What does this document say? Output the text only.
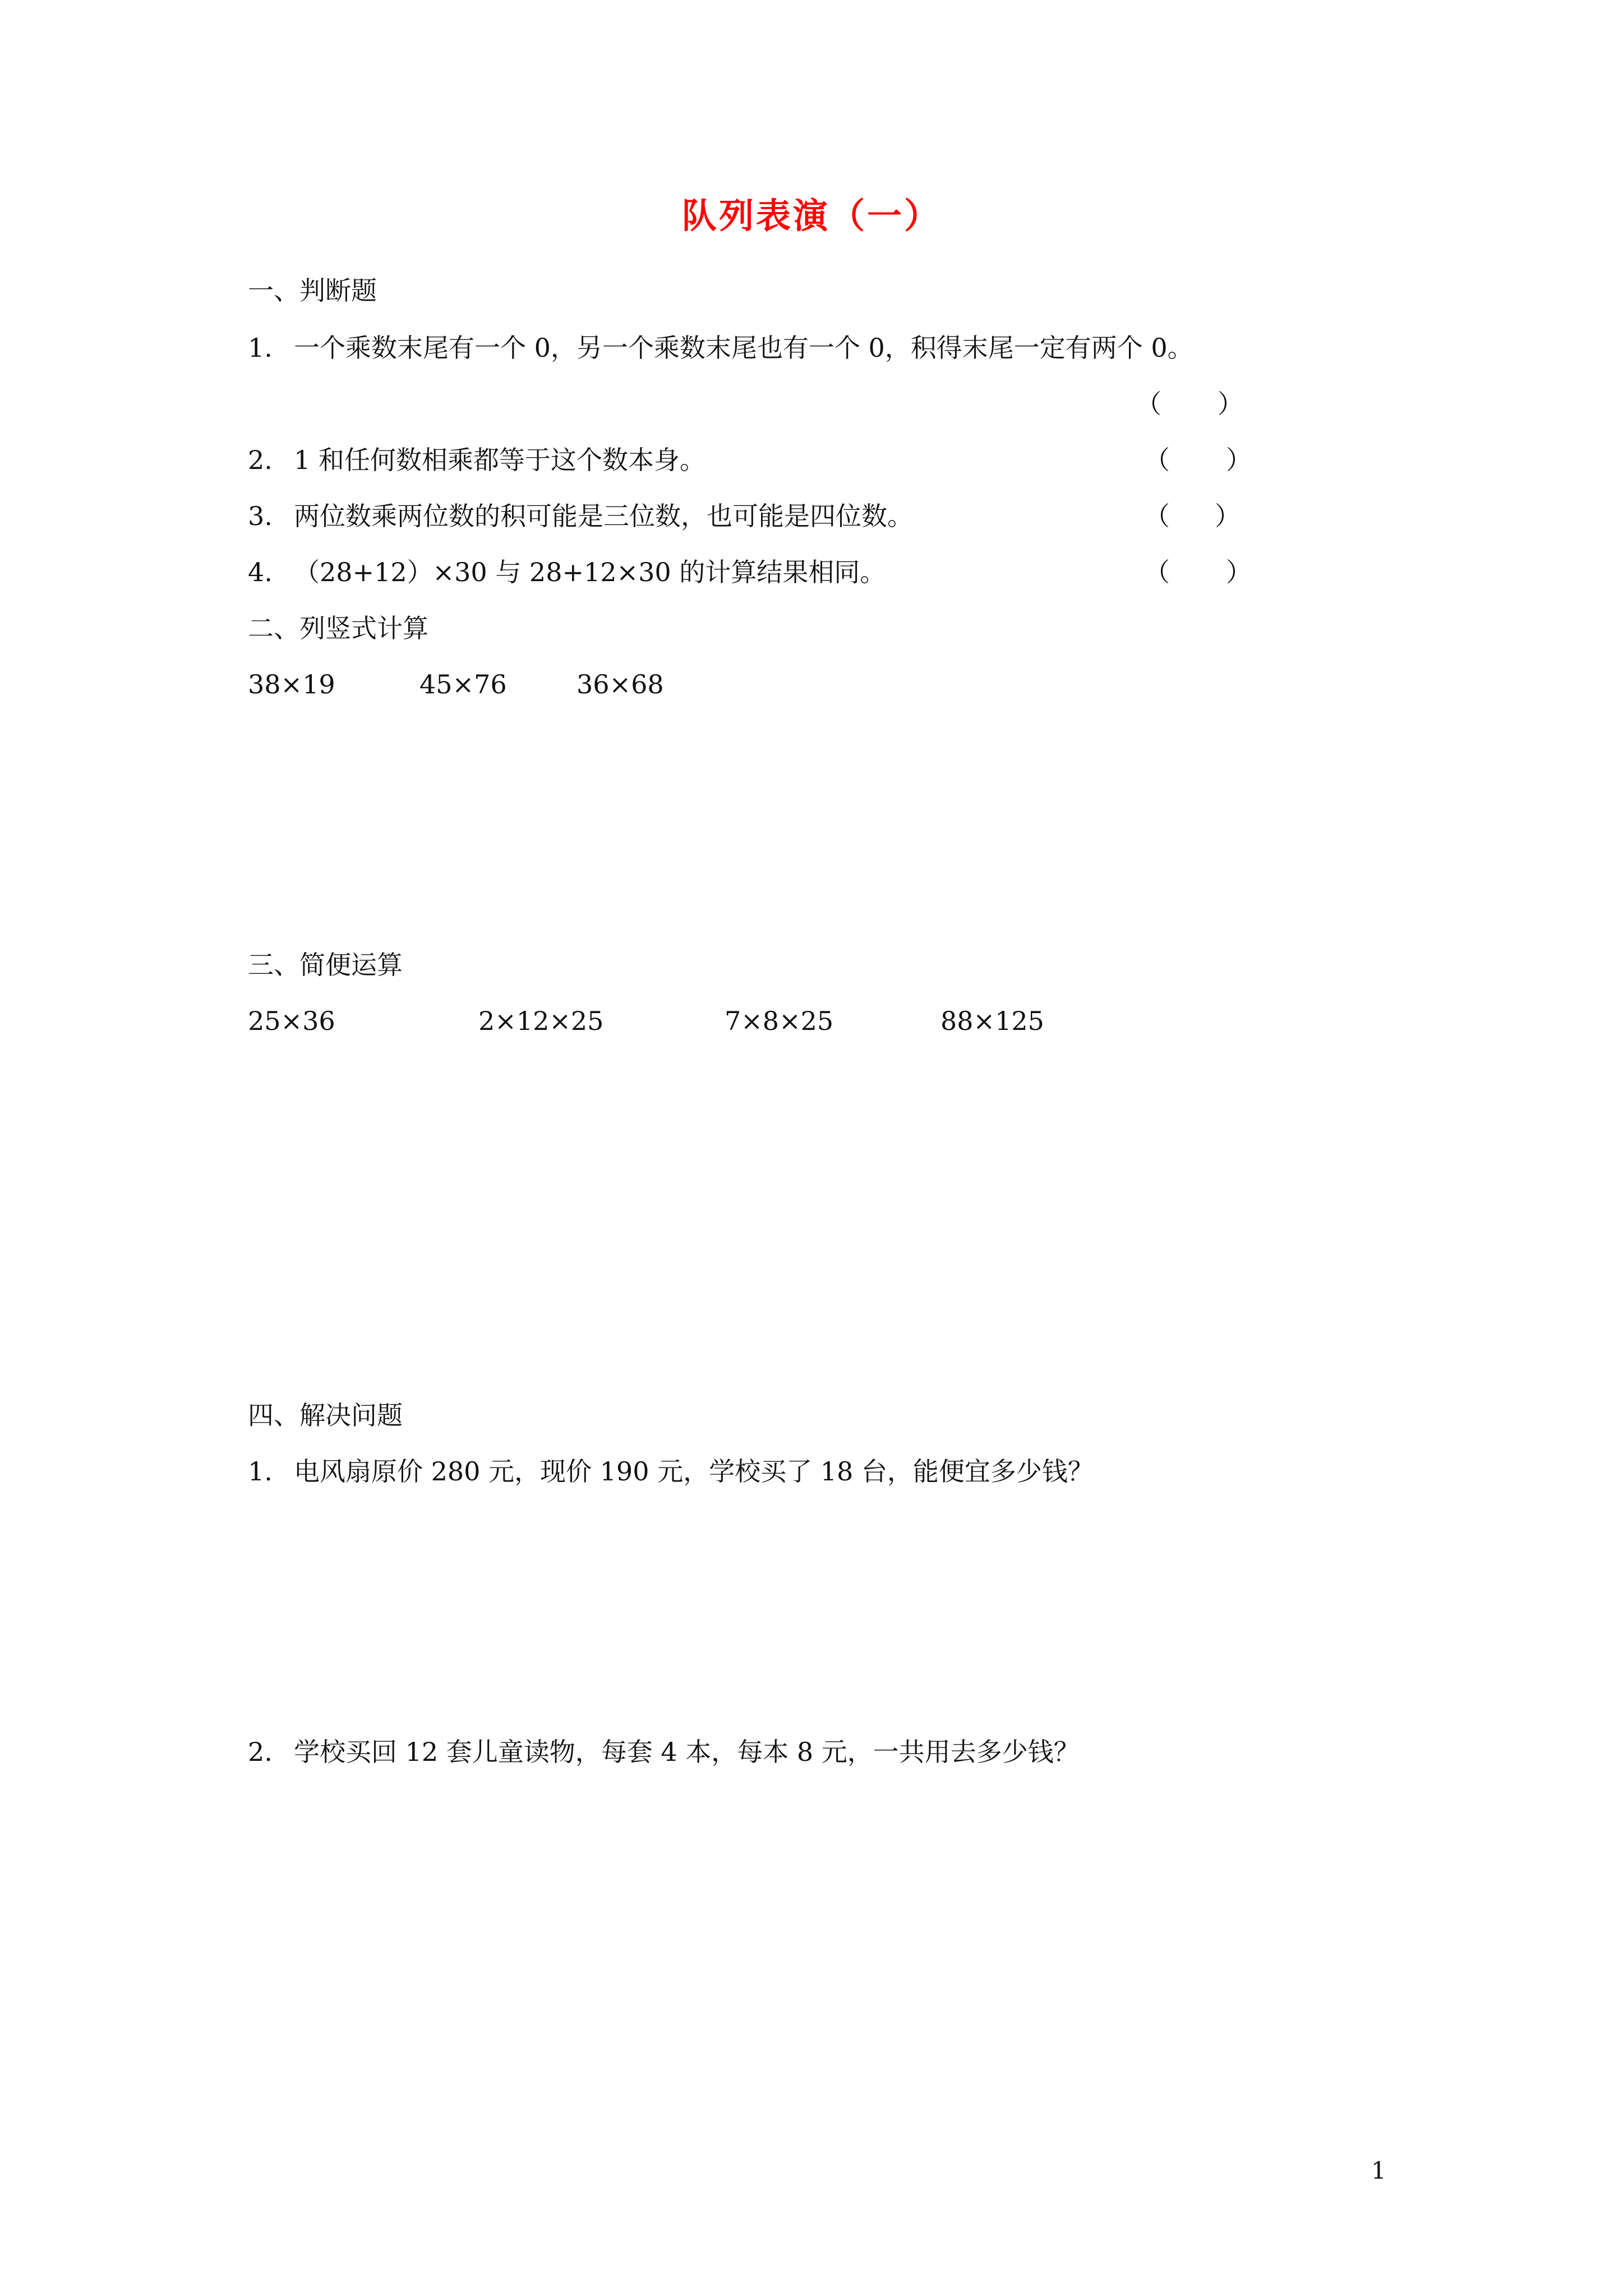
队列表演（一）
一、判断题
1. 一个乘数末尾有一个 0，另一个乘数末尾也有一个 0，积得末尾一定有两个 0。
（ ）
2. 1 和任何数相乘都等于这个数本身。	（ ）
3. 两位数乘两位数的积可能是三位数，也可能是四位数。	（ ）
4. （28+12）×30 与 28+12×30 的计算结果相同。	（ ）
二、列竖式计算
38×19	45×76	36×68
三、简便运算
25×36	2×12×25	7×8×25	88×125
四、解决问题
1. 电风扇原价 280 元，现价 190 元，学校买了 18 台，能便宜多少钱？
2. 学校买回 12 套儿童读物，每套 4 本，每本 8 元，一共用去多少钱？
1
